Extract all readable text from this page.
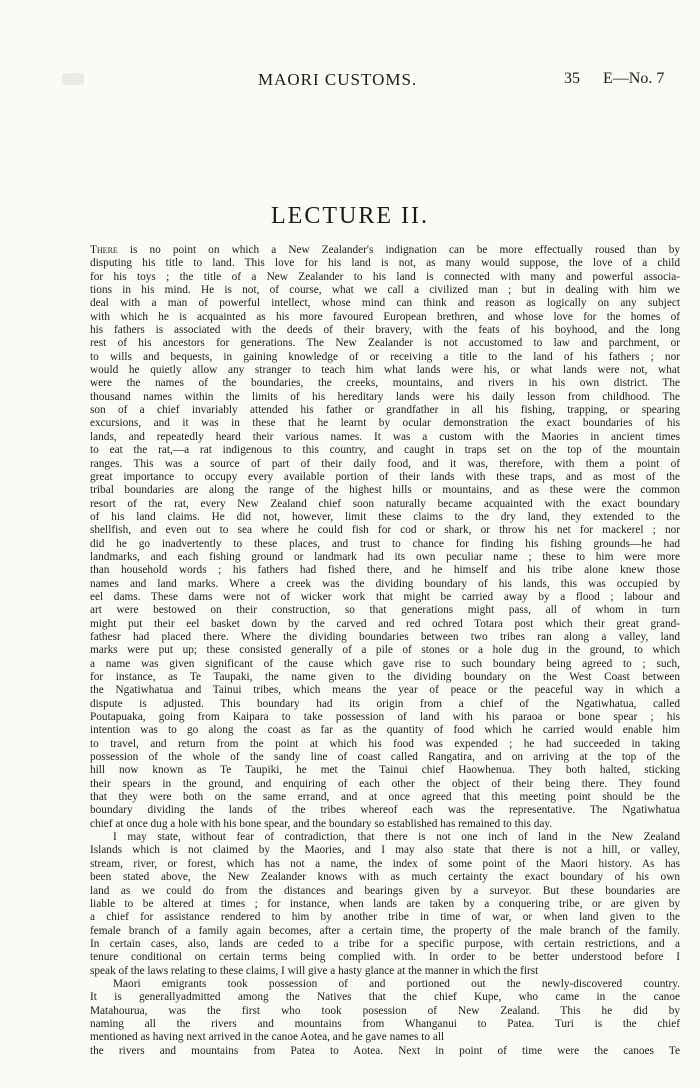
MAORI CUSTOMS.	35 E—No. 7
LECTURE II.

There is no point on which a New Zealander's indignation can be more effectually roused than by

disputing his title to land. This love for his land is not, as many would suppose, the love of a child

for his toys ; the title of a New Zealander to his land is connected with many and powerful associa-

tions in his mind. He is not, of course, what we call a civilized man ; but in dealing with him we

deal with a man of powerful intellect, whose mind can think and reason as logically on any subject

with which he is acquainted as his more favoured European brethren, and whose love for the homes of

his fathers is associated with the deeds of their bravery, with the feats of his boyhood, and the long

rest of his ancestors for generations. The New Zealander is not accustomed to law and parchment, or

to wills and bequests, in gaining knowledge of or receiving a title to the land of his fathers ; nor

would he quietly allow any stranger to teach him what lands were his, or what lands were not, what

were the names of the boundaries, the creeks, mountains, and rivers in his own district. The

thousand names within the limits of his hereditary lands were his daily lesson from childhood. The

son of a chief invariably attended his father or grandfather in all his fishing, trapping, or spearing

excursions, and it was in these that he learnt by ocular demonstration the exact boundaries of his

lands, and repeatedly heard their various names. It was a custom with the Maories in ancient times

to eat the rat,—a rat indigenous to this country, and caught in traps set on the top of the mountain

ranges. This was a source of part of their daily food, and it was, therefore, with them a point of

great importance to occupy every available portion of their lands with these traps, and as most of the

tribal boundaries are along the range of the highest hills or mountains, and as these were the common

resort of the rat, every New Zealand chief soon naturally became acquainted with the exact boundary

of his land claims. He did not, however, limit these claims to the dry land, they extended to the

shellfish, and even out to sea where he could fish for cod or shark, or throw his net for mackerel ; nor

did he go inadvertently to these places, and trust to chance for finding his fishing grounds—he had

landmarks, and each fishing ground or landmark had its own peculiar name ; these to him were more

than household words ; his fathers had fished there, and he himself and his tribe alone knew those

names and land marks. Where a creek was the dividing boundary of his lands, this was occupied by

eel dams. These dams were not of wicker work that might be carried away by a flood ; labour and

art were bestowed on their construction, so that generations might pass, all of whom in turn

might put their eel basket down by the carved and red ochred Totara post which their great grand-

fathesr had placed there. Where the dividing boundaries between two tribes ran along a valley, land

marks were put up; these consisted generally of a pile of stones or a hole dug in the ground, to which

a name was given significant of the cause which gave rise to such boundary being agreed to ; such,

for instance, as Te Taupaki, the name given to the dividing boundary on the West Coast between

the Ngatiwhatua and Tainui tribes, which means the year of peace or the peaceful way in which a

dispute is adjusted. This boundary had its origin from a chief of the Ngatiwhatua, called

Poutapuaka, going from Kaipara to take possession of land with his paraoa or bone spear ; his

intention was to go along the coast as far as the quantity of food which he carried would enable him

to travel, and return from the point at which his food was expended ; he had succeeded in taking

possession of the whole of the sandy line of coast called Rangatira, and on arriving at the top of the

hill now known as Te Taupiki, he met the Tainui chief Haowhenua. They both halted, sticking

their spears in the ground, and enquiring of each other the object of their being there. They found

that they were both on the same errand, and at once agreed that this meeting point should be the

boundary dividing the lands of the tribes whereof each was the representative. The Ngatiwhatua

chief at once dug a hole with his bone spear, and the boundary so established has remained to this day.

I may state, without fear of contradiction, that there is not one inch of land in the New Zealand

Islands which is not claimed by the Maories, and I may also state that there is not a hill, or valley,

stream, river, or forest, which has not a name, the index of some point of the Maori history. As has

been stated above, the New Zealander knows with as much certainty the exact boundary of his own

land as we could do from the distances and bearings given by a surveyor. But these boundaries are

liable to be altered at times ; for instance, when lands are taken by a conquering tribe, or are given by

a chief for assistance rendered to him by another tribe in time of war, or when land given to the

female branch of a family again becomes, after a certain time, the property of the male branch of the family.

In certain cases, also, lands are ceded to a tribe for a specific purpose, with certain restrictions, and a

tenure conditional on certain terms being complied with. In order to be better understood before I

speak of the laws relating to these claims, I will give a hasty glance at the manner in which the first

Maori emigrants took possession of and portioned out the newly-discovered country.

It is generallyadmitted among the Natives that the chief Kupe, who came in the canoe

Matahourua, was the first who took posession of New Zealand. This he did by

naming all the rivers and mountains from Whanganui to Patea. Turi is the chief

mentioned as having next arrived in the canoe Aotea, and he gave names to all

the rivers and mountains from Patea to Aotea. Next in point of time were the canoes Te
